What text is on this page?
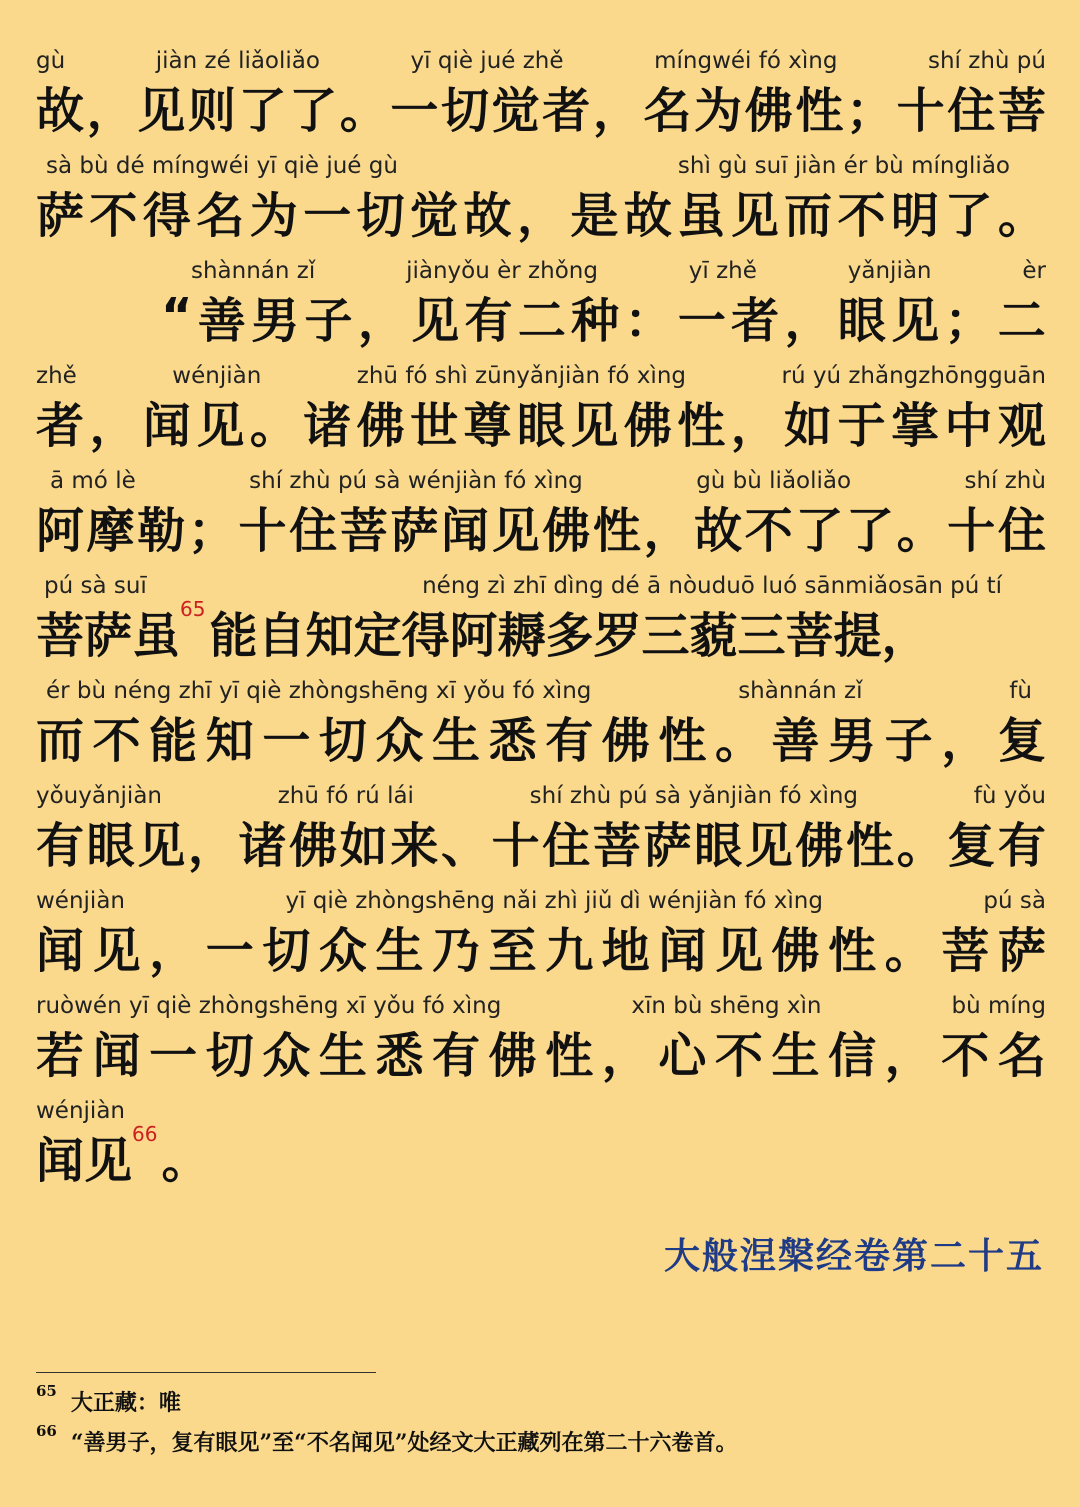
gù	jiàn zé liǎoliǎo	yī qiè jué zhě	míngwéi fó xìng	shí zhù pú
故 ， 见 则 了 了 。 一 切 觉 者 ， 名 为 佛 性 ； 十 住 菩
sà bù dé míngwéi yī qiè jué gù	shì gù suī jiàn ér bù míngliǎo
萨 不 得 名 为 一 切 觉 故 ， 是 故 虽 见 而 不 明 了 。
shànnán zǐ	jiànyǒu èr zhǒng	yī zhě	yǎnjiàn	èr
“ 善 男 子 ， 见 有 二 种 ： 一 者 ， 眼 见 ； 二
zhě	wénjiàn	zhū fó shì zūnyǎnjiàn fó xìng	rú yú zhǎngzhōngguān
者 ， 闻 见 。 诸 佛 世 尊 眼 见 佛 性 ， 如 于 掌 中 观
ā mó lè	shí zhù pú sà wénjiàn fó xìng	gù bù liǎoliǎo	shí zhù
阿 摩 勒 ； 十 住 菩 萨 闻 见 佛 性 ， 故 不 了 了 。 十 住
pú sà suī	néng zì zhī dìng dé ā nòuduō luó sānmiǎosān pú tí
菩萨虽 65 能自知定得阿耨多罗三藐三菩提，
ér bù néng zhī yī qiè zhòngshēng xī yǒu fó xìng	shànnán zǐ	fù
而 不 能 知 一 切 众 生 悉 有 佛 性 。 善 男 子 ， 复
yǒuyǎnjiàn	zhū fó rú lái	shí zhù pú sà yǎnjiàn fó xìng	fù yǒu
有 眼 见 ， 诸 佛 如 来 、 十 住 菩 萨 眼 见 佛 性 。 复 有
wénjiàn	yī qiè zhòngshēng nǎi zhì jiǔ dì wénjiàn fó xìng	pú sà
闻 见 ， 一 切 众 生 乃 至 九 地 闻 见 佛 性 。 菩 萨
ruòwén yī qiè zhòngshēng xī yǒu fó xìng	xīn bù shēng xìn	bù míng
若 闻 一 切 众 生 悉 有 佛 性 ， 心 不 生 信 ， 不 名
wénjiàn
闻见 66 。
大般涅槃经卷第二十五
$^{65}$ 大正藏：唯
$^{66}$ “善男子，复有眼见”至“不名闻见”处经文大正藏列在第二十六卷首。
